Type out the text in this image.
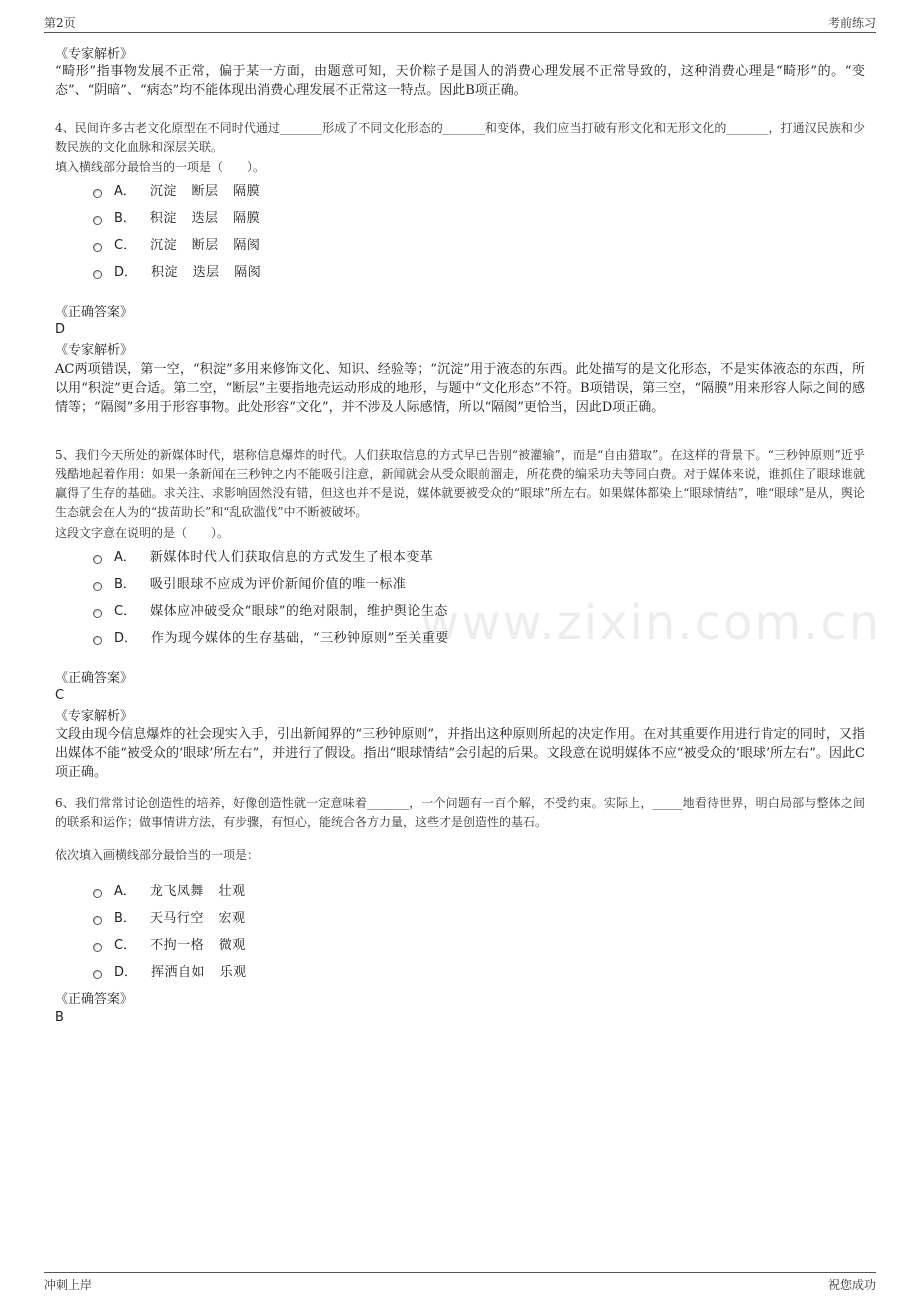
第2页	考前练习
www.zixin.com.cn
《专家解析》
“畸形”指事物发展不正常，偏于某一方面，由题意可知，天价粽子是国人的消费心理发展不正常导致的，这种消费心理是“畸形”的。“变态”、“阴暗”、“病态”均不能体现出消费心理发展不正常这一特点。因此B项正确。
4、民间许多古老文化原型在不同时代通过_______形成了不同文化形态的_______和变体，我们应当打破有形文化和无形文化的_______，打通汉民族和少数民族的文化血脉和深层关联。
填入横线部分最恰当的一项是（　　）。
A． 沉淀 断层 隔膜
B． 积淀 迭层 隔膜
C． 沉淀 断层 隔阂
D． 积淀 迭层 隔阂
《正确答案》
D
《专家解析》
AC两项错误，第一空，“积淀”多用来修饰文化、知识、经验等；“沉淀”用于液态的东西。此处描写的是文化形态，不是实体液态的东西，所以用“积淀”更合适。第二空，“断层”主要指地壳运动形成的地形，与题中“文化形态”不符。B项错误，第三空，“隔膜”用来形容人际之间的感情等；“隔阂”多用于形容事物。此处形容“文化”，并不涉及人际感情，所以“隔阂”更恰当，因此D项正确。
5、我们今天所处的新媒体时代，堪称信息爆炸的时代。人们获取信息的方式早已告别“被灌输”，而是“自由猎取”。在这样的背景下。“三秒钟原则”近乎残酷地起着作用：如果一条新闻在三秒钟之内不能吸引注意，新闻就会从受众眼前溜走，所花费的编采功夫等同白费。对于媒体来说，谁抓住了眼球谁就赢得了生存的基础。求关注、求影响固然没有错，但这也并不是说，媒体就要被受众的“眼球”所左右。如果媒体都染上“眼球情结”，唯“眼球”是从，舆论生态就会在人为的“拔苗助长”和“乱砍滥伐”中不断被破坏。
这段文字意在说明的是（　　）。
A． 新媒体时代人们获取信息的方式发生了根本变革
B． 吸引眼球不应成为评价新闻价值的唯一标准
C． 媒体应冲破受众“眼球”的绝对限制，维护舆论生态
D． 作为现今媒体的生存基础，“三秒钟原则”至关重要
《正确答案》
C
《专家解析》
文段由现今信息爆炸的社会现实入手，引出新闻界的“三秒钟原则”，并指出这种原则所起的决定作用。在对其重要作用进行肯定的同时，又指出媒体不能“被受众的‘眼球’所左右”，并进行了假设。指出“眼球情结”会引起的后果。文段意在说明媒体不应“被受众的‘眼球’所左右”。因此C项正确。
6、我们常常讨论创造性的培养，好像创造性就一定意味着_______，一个问题有一百个解，不受约束。实际上，_____地看待世界，明白局部与整体之间的联系和运作；做事情讲方法，有步骤，有恒心，能统合各方力量，这些才是创造性的基石。
依次填入画横线部分最恰当的一项是：
A． 龙飞凤舞 壮观
B． 天马行空 宏观
C． 不拘一格 微观
D． 挥洒自如 乐观
《正确答案》
B
冲刺上岸	祝您成功
